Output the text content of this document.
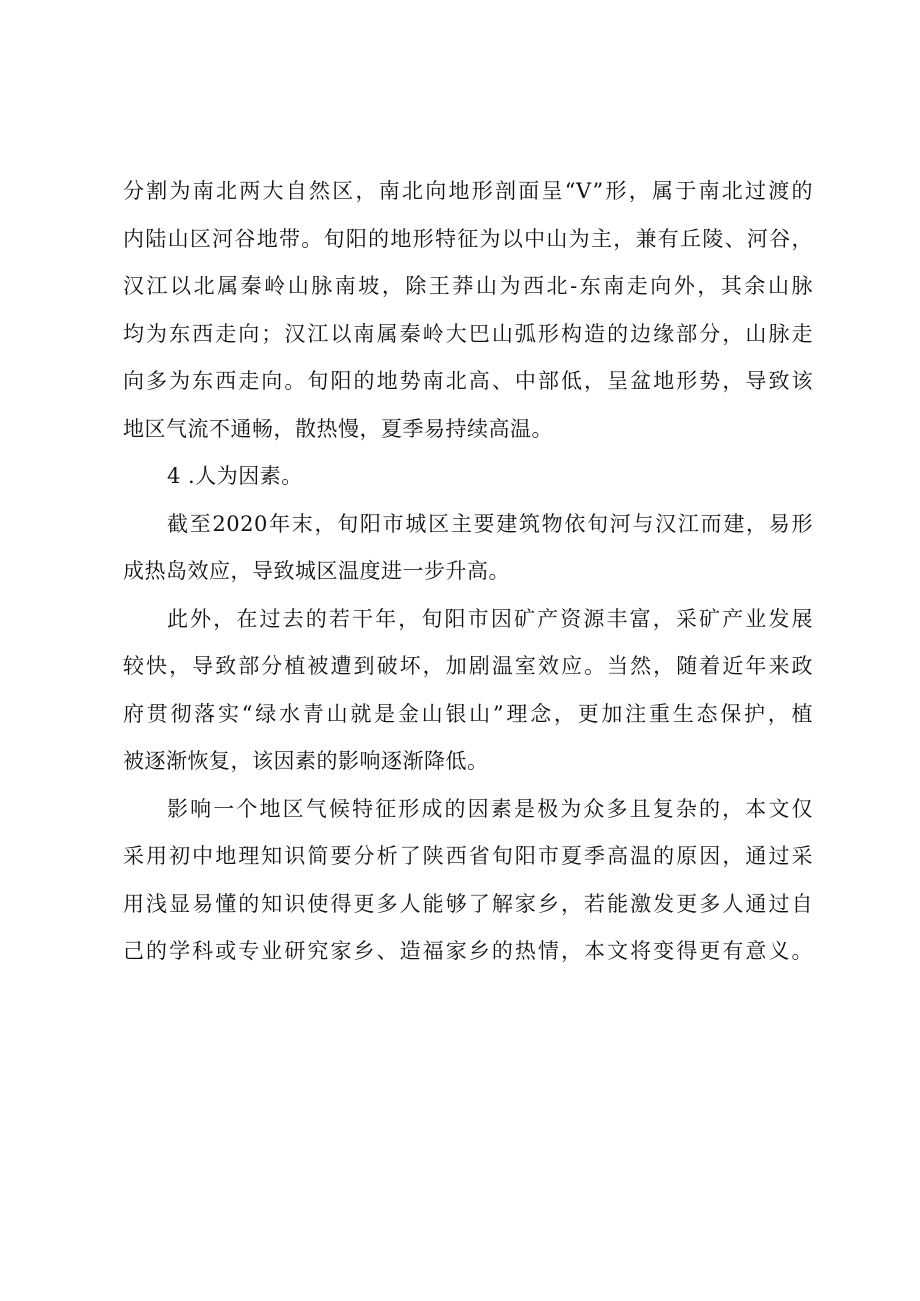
分割为南北两大自然区，南北向地形剖面呈“V”形，属于南北过渡的
内陆山区河谷地带。旬阳的地形特征为以中山为主，兼有丘陵、河谷，
汉江以北属秦岭山脉南坡，除王莽山为西北-东南走向外，其余山脉
均为东西走向；汉江以南属秦岭大巴山弧形构造的边缘部分，山脉走
向多为东西走向。旬阳的地势南北高、中部低，呈盆地形势，导致该
地区气流不通畅，散热慢，夏季易持续高温。
4 .人为因素。
截至2020年末，旬阳市城区主要建筑物依旬河与汉江而建，易形
成热岛效应，导致城区温度进一步升高。
此外，在过去的若干年，旬阳市因矿产资源丰富，采矿产业发展
较快，导致部分植被遭到破坏，加剧温室效应。当然，随着近年来政
府贯彻落实“绿水青山就是金山银山”理念，更加注重生态保护，植
被逐渐恢复，该因素的影响逐渐降低。
影响一个地区气候特征形成的因素是极为众多且复杂的，本文仅
采用初中地理知识简要分析了陕西省旬阳市夏季高温的原因，通过采
用浅显易懂的知识使得更多人能够了解家乡，若能激发更多人通过自
己的学科或专业研究家乡、造福家乡的热情，本文将变得更有意义。
